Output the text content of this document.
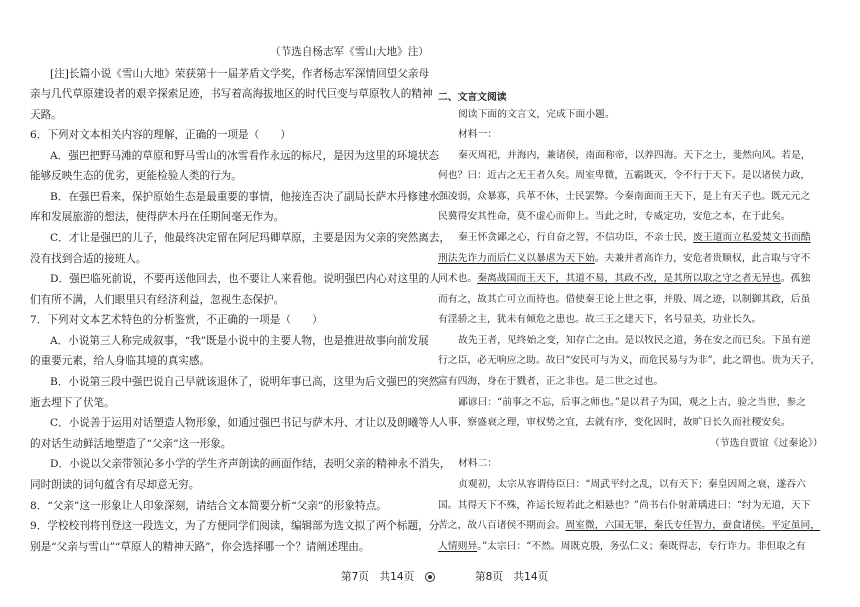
（节选自杨志军《雪山大地》注）
[注]长篇小说《雪山大地》荣获第十一届茅盾文学奖，作者杨志军深情回望父亲母
亲与几代草原建设者的艰辛探索足迹，书写着高海拔地区的时代巨变与草原牧人的精神
天路。
6．下列对文本相关内容的理解，正确的一项是（　　）
A．强巴把野马滩的草原和野马雪山的冰雪看作永远的标尺，是因为这里的环境状态
能够反映生态的优劣，更能检验人类的行为。
B．在强巴看来，保护原始生态是最重要的事情，他接连否决了副局长萨木丹修建水
库和发展旅游的想法，使得萨木丹在任期间毫无作为。
C．才让是强巴的儿子，他最终决定留在阿尼玛卿草原，主要是因为父亲的突然离去，
没有找到合适的接班人。
D．强巴临死前说，不要再送他回去，也不要让人来看他。说明强巴内心对这里的人
们有所不满，人们眼里只有经济利益，忽视生态保护。
7．下列对文本艺术特色的分析鉴赏，不正确的一项是（　　）
A．小说第三人称完成叙事，“我”既是小说中的主要人物，也是推进故事向前发展
的重要元素，给人身临其境的真实感。
B．小说第三段中强巴说自己早就该退休了，说明年事已高，这里为后文强巴的突然
逝去埋下了伏笔。
C．小说善于运用对话塑造人物形象，如通过强巴书记与萨木丹、才让以及朗曦等人
的对话生动鲜活地塑造了“父亲”这一形象。
D．小说以父亲带领沁多小学的学生齐声朗读的画面作结，表明父亲的精神永不消失，
同时朗读的词句蕴含有尽却意无穷。
8．“父亲”这一形象让人印象深刻，请结合文本简要分析“父亲”的形象特点。
9．学校校刊将刊登这一段选文，为了方便同学们阅读，编辑部为选文拟了两个标题，分
别是“父亲与雪山”“草原人的精神天路”，你会选择哪一个？请阐述理由。
二、文言文阅读
阅读下面的文言文，完成下面小题。
材料一：
秦灭周祀，并海内，兼诸侯，南面称帝，以养四海。天下之士，斐然向风。若是，
何也？曰：近古之无王者久矣。周室卑微，五霸既灭，令不行于天下。是以诸侯力政，
强凌弱，众暴寡，兵革不休，士民罢弊。今秦南面而王天下，是上有天子也。既元元之
民冀得安其性命，莫不虚心而仰上。当此之时，专威定功，安危之本，在于此矣。
秦王怀贪鄙之心，行自奋之智，不信功臣，不亲士民，废王道而立私爱焚文书而酷
刑法先诈力而后仁义以暴虐为天下始。夫兼并者高诈力，安危者贵顺权，此言取与守不
同术也。秦离战国而王天下，其道不易，其政不改，是其所以取之守之者无异也。孤独
而有之，故其亡可立而待也。借使秦王论上世之事，并殷、周之迹，以制御其政，后虽
有淫骄之主，犹未有倾危之患也。故三王之建天下，名号显美，功业长久。
故先王者，见终始之变，知存亡之由。是以牧民之道，务在安之而已矣。下虽有逆
行之臣，必无响应之助。故曰“安民可与为义，而危民易与为非”，此之谓也。贵为天子，
富有四海，身在于戮者，正之非也。是二世之过也。
鄙谚曰：“前事之不忘，后事之师也。”是以君子为国，观之上古，验之当世，参之
人事，察盛衰之理，审权势之宜，去就有序，变化因时，故旷日长久而社稷安矣。
（节选自贾谊《过秦论》）
材料二：
贞观初，太宗从容谓侍臣曰：“周武平纣之乱，以有天下；秦皇因周之衰，遂吞六
国。其得天下不殊，祚运长短若此之相悬也？”尚书右仆射萧瑀进曰：“纣为无道，天下
苦之，故八百诸侯不期而会。周室微，六国无罪，秦氏专任智力，蚕食诸侯。平定虽同，
人情则异。”太宗曰：“不然。周既克殷，务弘仁义；秦既得志，专行诈力。非但取之有
第7页　共14页	第8页　共14页
